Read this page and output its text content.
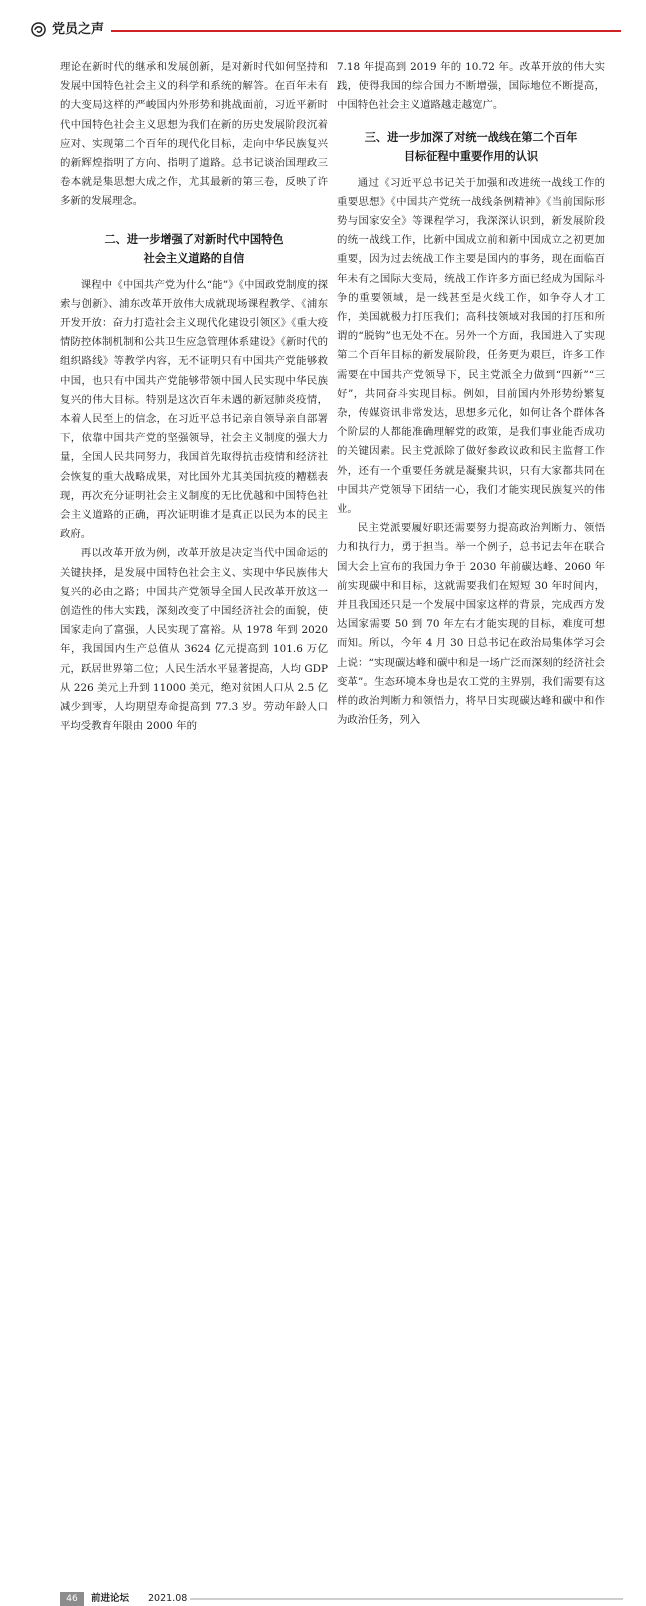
党员之声

理论在新时代的继承和发展创新，是对新时代如何坚持和发展中国特色社会主义的科学和系统的解答。在百年未有的大变局这样的严峻国内外形势和挑战面前，习近平新时代中国特色社会主义思想为我们在新的历史发展阶段沉着应对、实现第二个百年的现代化目标，走向中华民族复兴的新辉煌指明了方向、指明了道路。总书记谈治国理政三卷本就是集思想大成之作，尤其最新的第三卷，反映了许多新的发展理念。

二、进一步增强了对新时代中国特色
社会主义道路的自信

课程中《中国共产党为什么“能”》《中国政党制度的探索与创新》、浦东改革开放伟大成就现场课程教学、《浦东开发开放：奋力打造社会主义现代化建设引领区》《重大疫情防控体制机制和公共卫生应急管理体系建设》《新时代的组织路线》等教学内容，无不证明只有中国共产党能够救中国，也只有中国共产党能够带领中国人民实现中华民族复兴的伟大目标。特别是这次百年未遇的新冠肺炎疫情，本着人民至上的信念，在习近平总书记亲自领导亲自部署下，依靠中国共产党的坚强领导，社会主义制度的强大力量，全国人民共同努力，我国首先取得抗击疫情和经济社会恢复的重大战略成果，对比国外尤其美国抗疫的糟糕表现，再次充分证明社会主义制度的无比优越和中国特色社会主义道路的正确，再次证明谁才是真正以民为本的民主政府。

再以改革开放为例，改革开放是决定当代中国命运的关键抉择，是发展中国特色社会主义、实现中华民族伟大复兴的必由之路；中国共产党领导全国人民改革开放这一创造性的伟大实践，深刻改变了中国经济社会的面貌，使国家走向了富强，人民实现了富裕。从 1978 年到 2020 年，我国国内生产总值从 3624 亿元提高到 101.6 万亿元，跃居世界第二位；人民生活水平显著提高，人均 GDP 从 226 美元上升到 11000 美元，绝对贫困人口从 2.5 亿减少到零，人均期望寿命提高到 77.3 岁。劳动年龄人口平均受教育年限由 2000 年的

7.18 年提高到 2019 年的 10.72 年。改革开放的伟大实践，使得我国的综合国力不断增强，国际地位不断提高，中国特色社会主义道路越走越宽广。

三、进一步加深了对统一战线在第二个百年
目标征程中重要作用的认识

通过《习近平总书记关于加强和改进统一战线工作的重要思想》《中国共产党统一战线条例精神》《当前国际形势与国家安全》等课程学习，我深深认识到，新发展阶段的统一战线工作，比新中国成立前和新中国成立之初更加重要，因为过去统战工作主要是国内的事务，现在面临百年未有之国际大变局，统战工作许多方面已经成为国际斗争的重要领域，是一线甚至是火线工作，如争夺人才工作，美国就极力打压我们；高科技领域对我国的打压和所谓的“脱钩”也无处不在。另外一个方面，我国进入了实现第二个百年目标的新发展阶段，任务更为艰巨，许多工作需要在中国共产党领导下，民主党派全力做到“四新”“三好”，共同奋斗实现目标。例如，目前国内外形势纷繁复杂，传媒资讯非常发达，思想多元化，如何让各个群体各个阶层的人都能准确理解党的政策，是我们事业能否成功的关键因素。民主党派除了做好参政议政和民主监督工作外，还有一个重要任务就是凝聚共识，只有大家都共同在中国共产党领导下团结一心，我们才能实现民族复兴的伟业。

民主党派要履好职还需要努力提高政治判断力、领悟力和执行力，勇于担当。举一个例子，总书记去年在联合国大会上宣布的我国力争于 2030 年前碳达峰、2060 年前实现碳中和目标，这就需要我们在短短 30 年时间内，并且我国还只是一个发展中国家这样的背景，完成西方发达国家需要 50 到 70 年左右才能实现的目标，难度可想而知。所以，今年 4 月 30 日总书记在政治局集体学习会上说：“实现碳达峰和碳中和是一场广泛而深刻的经济社会变革”。生态环境本身也是农工党的主界别，我们需要有这样的政治判断力和领悟力，将早日实现碳达峰和碳中和作为政治任务，列入

46	前进论坛 2021.08
